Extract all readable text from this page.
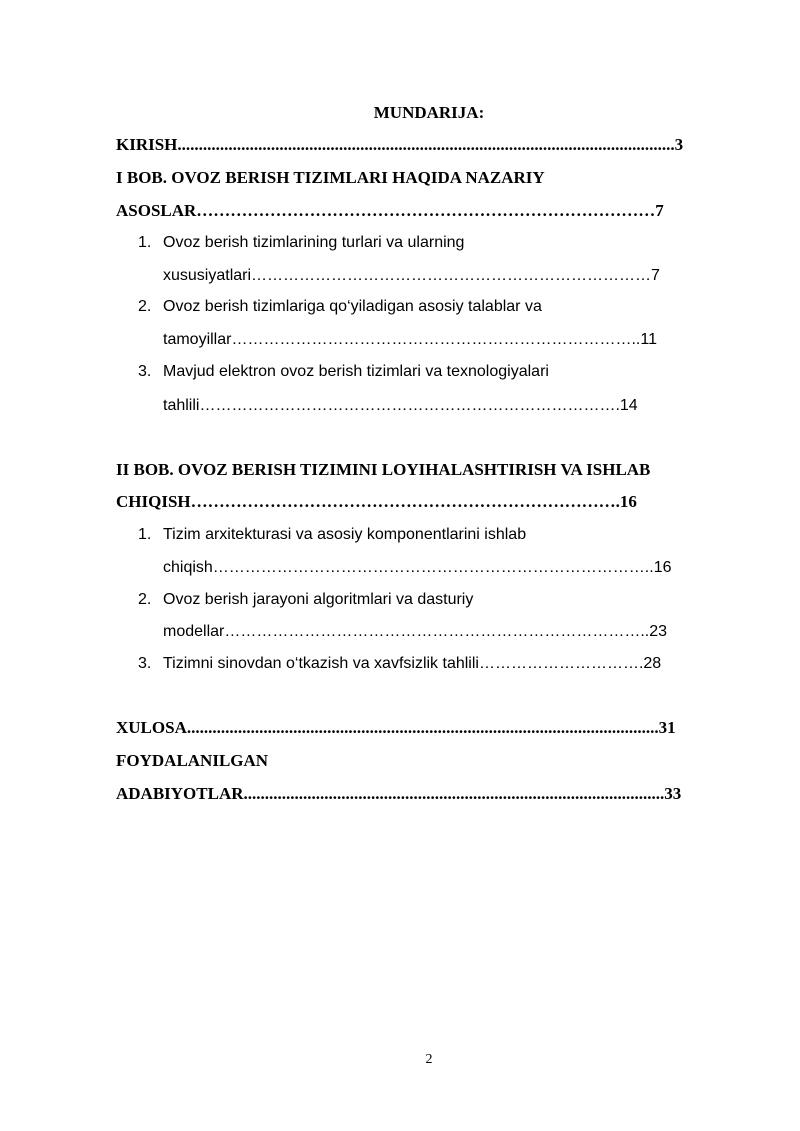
MUNDARIJA:
KIRISH.....................................................................................................................3
I BOB. OVOZ BERISH TIZIMLARI HAQIDA NAZARIY
ASOSLAR………………………………………………………………………7
1. Ovoz berish tizimlarining turlari va ularning
xususiyatlari…………………………………………………………………7
2. Ovoz berish tizimlariga qo‘yiladigan asosiy talablar va
tamoyillar…………………………………………………………………..11
3. Mavjud elektron ovoz berish tizimlari va texnologiyalari
tahlili…………………………………………………………………….14
II BOB. OVOZ BERISH TIZIMINI LOYIHALASHTIRISH VA ISHLAB
CHIQISH………………………………………………………………….16
1. Tizim arxitekturasi va asosiy komponentlarini ishlab
chiqish………………………………………………………………………..16
2. Ovoz berish jarayoni algoritmlari va dasturiy
modellar……………………………………………………………………..23
3. Tizimni sinovdan o‘tkazish va xavfsizlik tahlili………………………….28
XULOSA...............................................................................................................31
FOYDALANILGAN
ADABIYOTLAR...................................................................................................33
2
